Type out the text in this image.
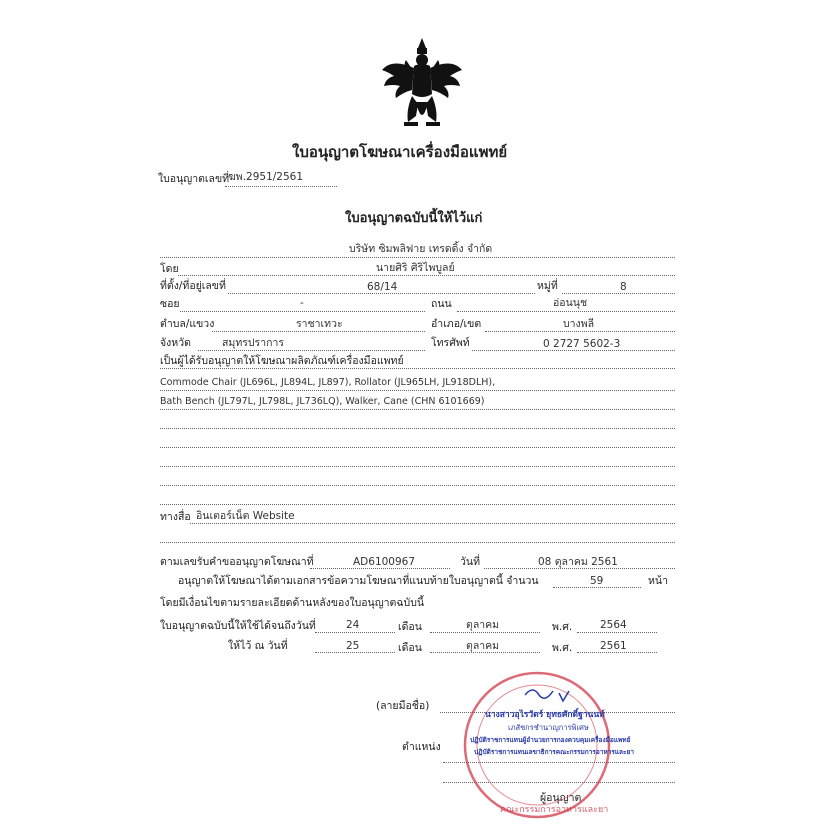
ใบอนุญาตโฆษณาเครื่องมือแพทย์
ใบอนุญาตเลขที่
ฆพ.2951/2561
ใบอนุญาตฉบับนี้ให้ไว้แก่
บริษัท ซิมพลิฟาย เทรดดิ้ง จำกัด
โดย	นายศิริ ศิริไพบูลย์
ที่ตั้ง/ที่อยู่เลขที่	68/14	หมู่ที่	8
ซอย	-	ถนน	อ่อนนุช
ตำบล/แขวง	ราชาเทวะ	อำเภอ/เขต	บางพลี
จังหวัด	สมุทรปราการ	โทรศัพท์	0 2727 5602-3
เป็นผู้ได้รับอนุญาตให้โฆษณาผลิตภัณฑ์เครื่องมือแพทย์
Commode Chair (JL696L, JL894L, JL897), Rollator (JL965LH, JL918DLH),
Bath Bench (JL797L, JL798L, JL736LQ), Walker, Cane (CHN 6101669)
ทางสื่อ อินเตอร์เน็ต Website
ตามเลขรับคำขออนุญาตโฆษณาที่	AD6100967	วันที่	08 ตุลาคม 2561
อนุญาตให้โฆษณาได้ตามเอกสารข้อความโฆษณาที่แนบท้ายใบอนุญาตนี้ จำนวน	59	หน้า
โดยมีเงื่อนไขตามรายละเอียดด้านหลังของใบอนุญาตฉบับนี้
ใบอนุญาตฉบับนี้ให้ใช้ได้จนถึงวันที่	24	เดือน	ตุลาคม	พ.ศ.	2564
ให้ไว้ ณ วันที่	25	เดือน	ตุลาคม	พ.ศ.	2561
(ลายมือชื่อ)
ตำแหน่ง
ผู้อนุญาต
นางสาวอุไรวัตร์ ยุทธศักดิ์ฐานนท์
เภสัชกรชำนาญการพิเศษ
ปฏิบัติราชการแทนผู้อำนวยการกองควบคุมเครื่องมือแพทย์
ปฏิบัติราชการแทนเลขาธิการคณะกรรมการอาหารและยา
คณะกรรมการอาหารและยา
